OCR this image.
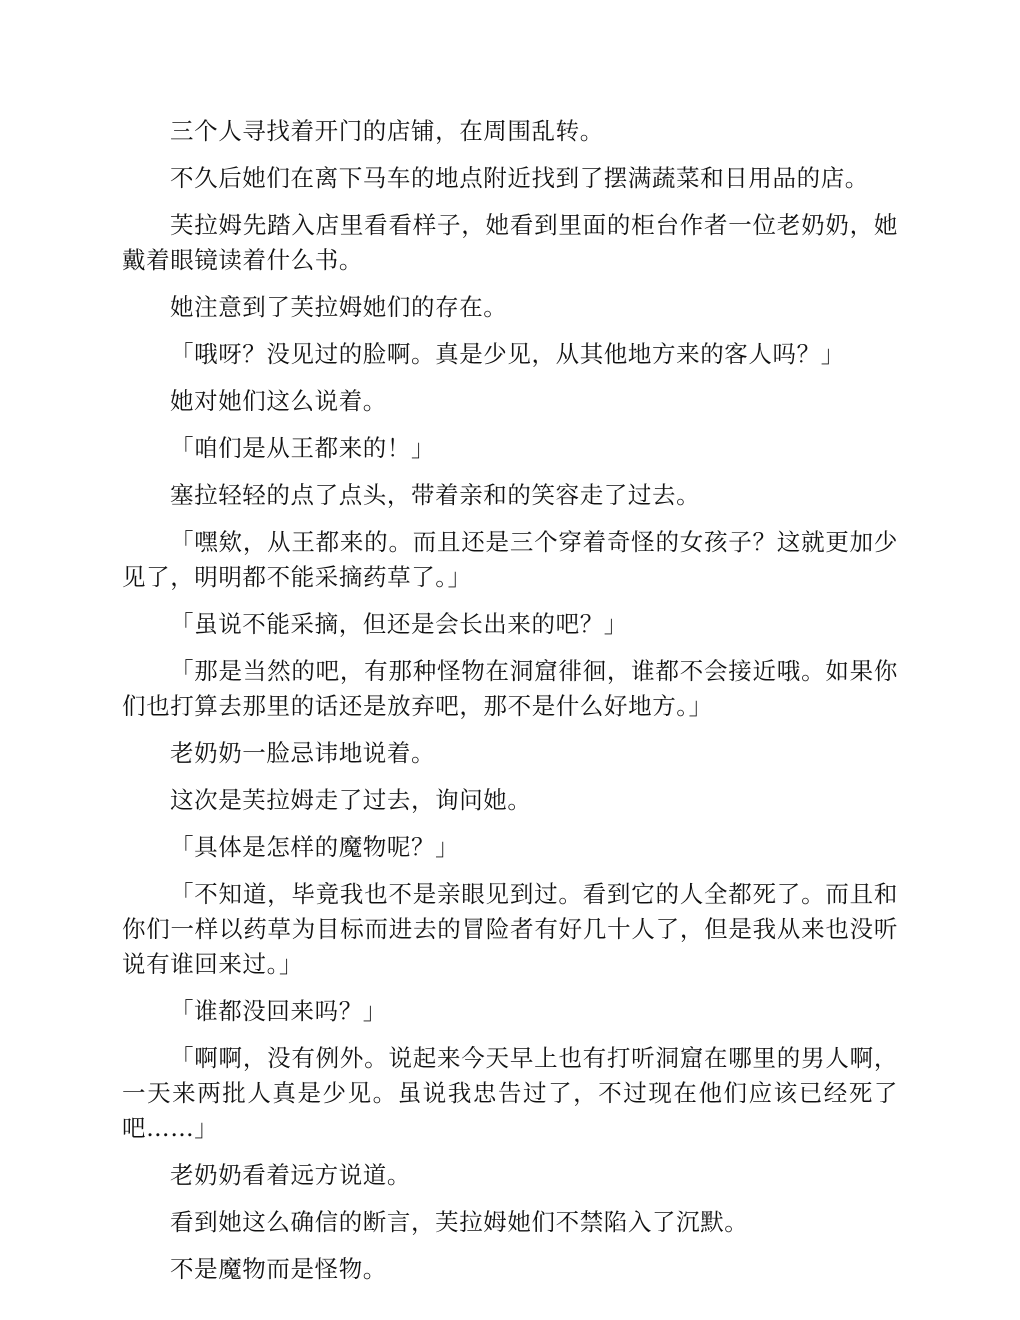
三个人寻找着开门的店铺，在周围乱转。

不久后她们在离下马车的地点附近找到了摆满蔬菜和日用品的店。

芙拉姆先踏入店里看看样子，她看到里面的柜台作者一位老奶奶，她戴着眼镜读着什么书。

她注意到了芙拉姆她们的存在。

「哦呀？没见过的脸啊。真是少见，从其他地方来的客人吗？」

她对她们这么说着。

「咱们是从王都来的！」

塞拉轻轻的点了点头，带着亲和的笑容走了过去。

「嘿欸，从王都来的。而且还是三个穿着奇怪的女孩子？这就更加少见了，明明都不能采摘药草了。」

「虽说不能采摘，但还是会长出来的吧？」

「那是当然的吧，有那种怪物在洞窟徘徊，谁都不会接近哦。如果你们也打算去那里的话还是放弃吧，那不是什么好地方。」

老奶奶一脸忌讳地说着。

这次是芙拉姆走了过去，询问她。

「具体是怎样的魔物呢？」

「不知道，毕竟我也不是亲眼见到过。看到它的人全都死了。而且和你们一样以药草为目标而进去的冒险者有好几十人了，但是我从来也没听说有谁回来过。」

「谁都没回来吗？」

「啊啊，没有例外。说起来今天早上也有打听洞窟在哪里的男人啊，一天来两批人真是少见。虽说我忠告过了，不过现在他们应该已经死了吧……」

老奶奶看着远方说道。

看到她这么确信的断言，芙拉姆她们不禁陷入了沉默。

不是魔物而是怪物。
